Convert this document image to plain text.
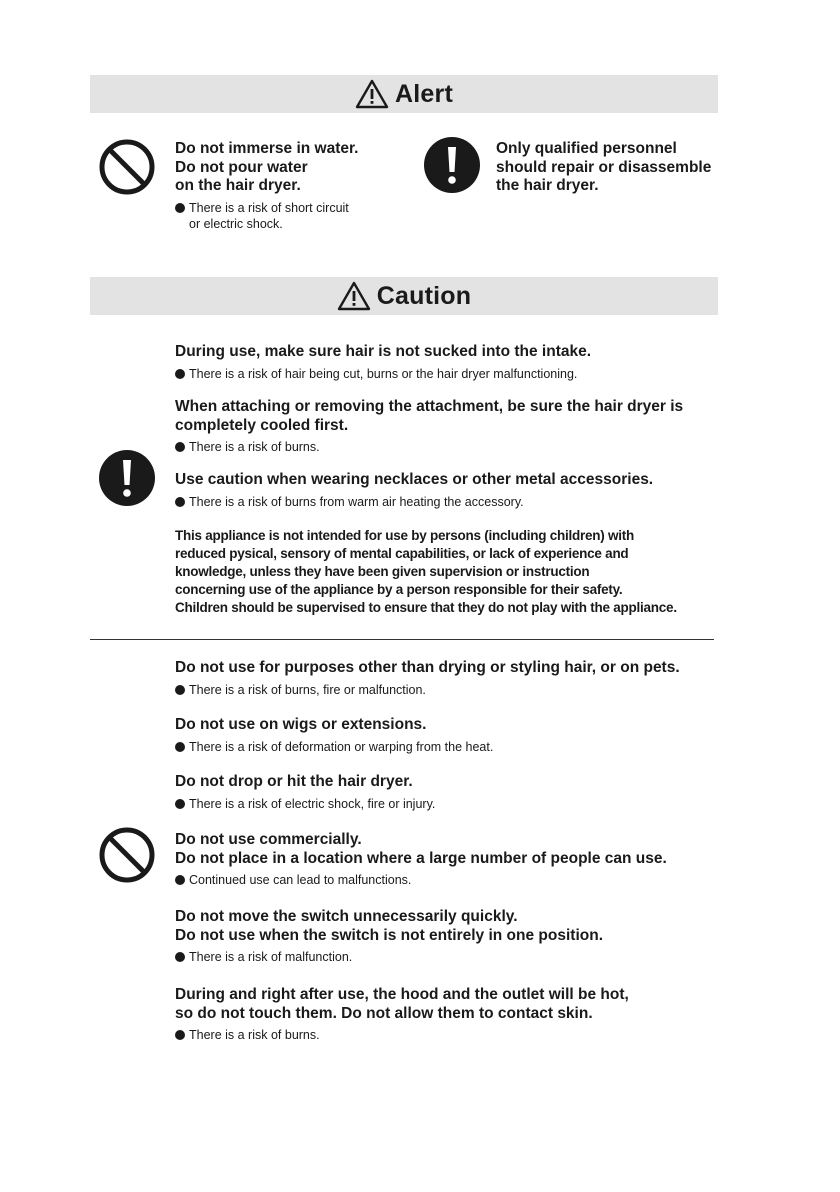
Alert

Do not immerse in water.

Do not pour water

on the hair dryer.

There is a risk of short circuit
or electric shock.

Only qualified personnel

should repair or disassemble

the hair dryer.

Caution

During use, make sure hair is not sucked into the intake.

There is a risk of hair being cut, burns or the hair dryer malfunctioning.

When attaching or removing the attachment, be sure the hair dryer is

completely cooled first.

There is a risk of burns.

Use caution when wearing necklaces or other metal accessories.

There is a risk of burns from warm air heating the accessory.

This appliance is not intended for use by persons (including children) with

reduced pysical, sensory of mental capabilities, or lack of experience and

knowledge, unless they have been given supervision or instruction

concerning use of the appliance by a person responsible for their safety.

Children should be supervised to ensure that they do not play with the appliance.

Do not use for purposes other than drying or styling hair, or on pets.

There is a risk of burns, fire or malfunction.

Do not use on wigs or extensions.

There is a risk of deformation or warping from the heat.

Do not drop or hit the hair dryer.

There is a risk of electric shock, fire or injury.

Do not use commercially.

Do not place in a location where a large number of people can use.

Continued use can lead to malfunctions.

Do not move the switch unnecessarily quickly.

Do not use when the switch is not entirely in one position.

There is a risk of malfunction.

During and right after use, the hood and the outlet will be hot,

so do not touch them. Do not allow them to contact skin.

There is a risk of burns.
